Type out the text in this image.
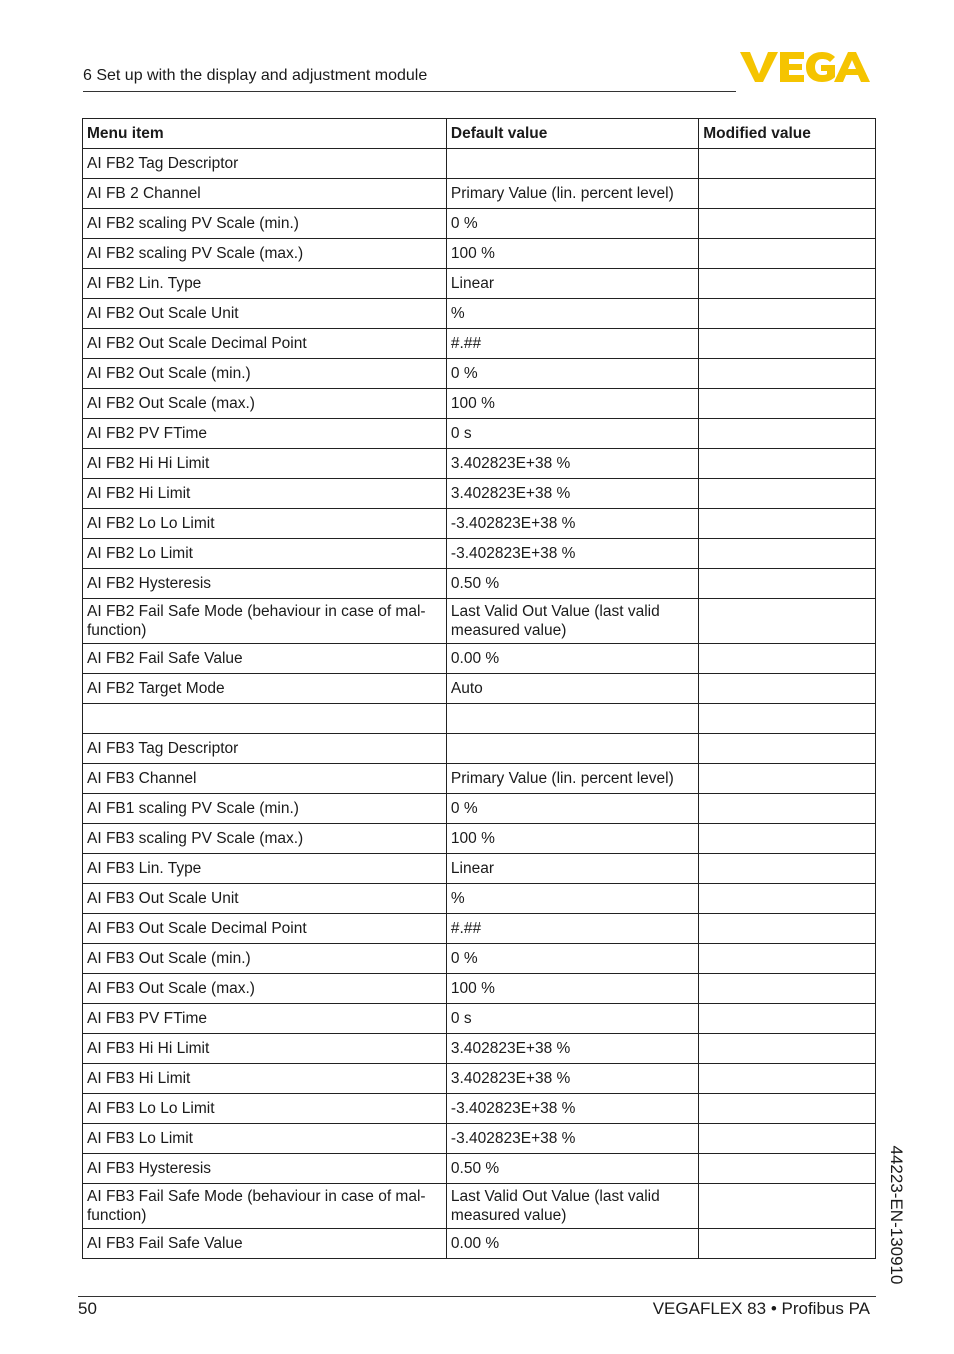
6 Set up with the display and adjustment module
Menu item	Default value	Modified value
AI FB2 Tag Descriptor		
AI FB 2 Channel	Primary Value (lin. percent level)	
AI FB2 scaling PV Scale (min.)	0 %	
AI FB2 scaling PV Scale (max.)	100 %	
AI FB2 Lin. Type	Linear	
AI FB2 Out Scale Unit	%	
AI FB2 Out Scale Decimal Point	#.##	
AI FB2 Out Scale (min.)	0 %	
AI FB2 Out Scale (max.)	100 %	
AI FB2 PV FTime	0 s	
AI FB2 Hi Hi Limit	3.402823E+38 %	
AI FB2 Hi Limit	3.402823E+38 %	
AI FB2 Lo Lo Limit	-3.402823E+38 %	
AI FB2 Lo Limit	-3.402823E+38 %	
AI FB2 Hysteresis	0.50 %	
AI FB2 Fail Safe Mode (behaviour in case of mal-function)	Last Valid Out Value (last valid measured value)	
AI FB2 Fail Safe Value	0.00 %	
AI FB2 Target Mode	Auto	

AI FB3 Tag Descriptor		
AI FB3 Channel	Primary Value (lin. percent level)	
AI FB1 scaling PV Scale (min.)	0 %	
AI FB3 scaling PV Scale (max.)	100 %	
AI FB3 Lin. Type	Linear	
AI FB3 Out Scale Unit	%	
AI FB3 Out Scale Decimal Point	#.##	
AI FB3 Out Scale (min.)	0 %	
AI FB3 Out Scale (max.)	100 %	
AI FB3 PV FTime	0 s	
AI FB3 Hi Hi Limit	3.402823E+38 %	
AI FB3 Hi Limit	3.402823E+38 %	
AI FB3 Lo Lo Limit	-3.402823E+38 %	
AI FB3 Lo Limit	-3.402823E+38 %	
AI FB3 Hysteresis	0.50 %	
AI FB3 Fail Safe Mode (behaviour in case of mal-function)	Last Valid Out Value (last valid measured value)	
AI FB3 Fail Safe Value	0.00 %		44223-EN-130910
50	VEGAFLEX 83 • Profibus PA
